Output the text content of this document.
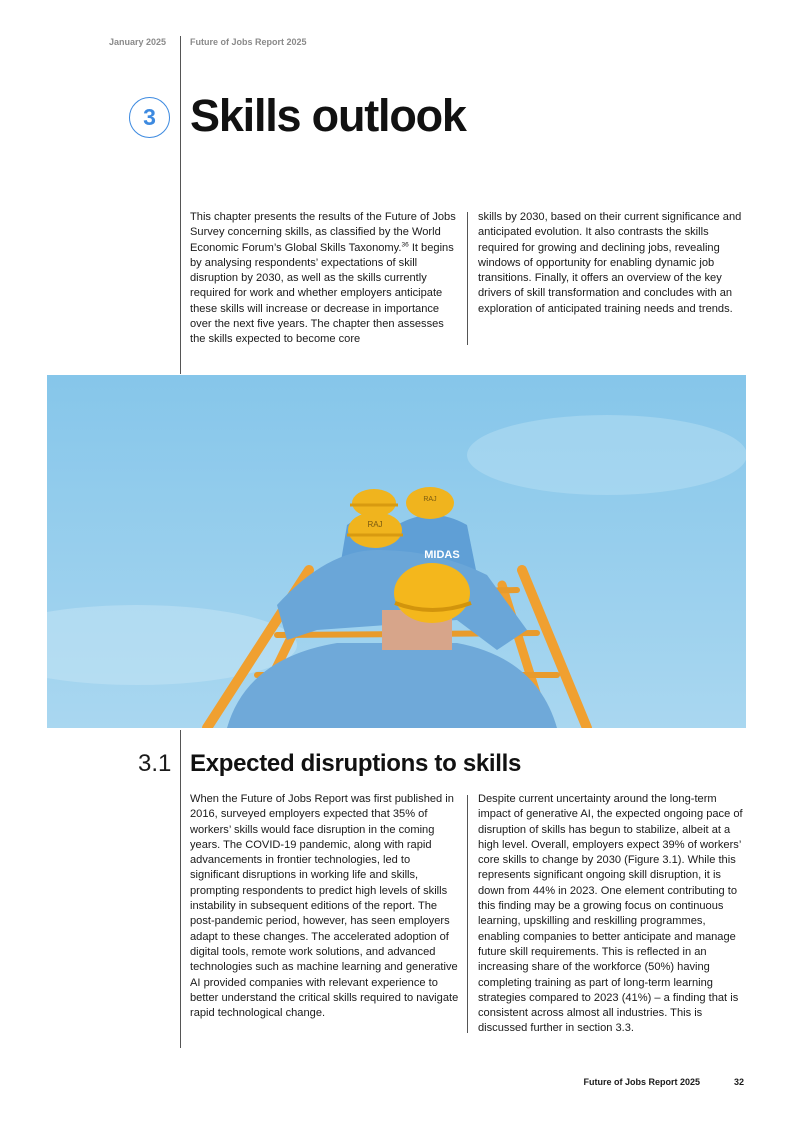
January 2025	Future of Jobs Report 2025
3 Skills outlook

This chapter presents the results of the Future of Jobs Survey concerning skills, as classified by the World Economic Forum’s Global Skills Taxonomy.$^{36}$ It begins by analysing respondents’ expectations of skill disruption by 2030, as well as the skills currently required for work and whether employers anticipate these skills will increase or decrease in importance over the next five years. The chapter then assesses the skills expected to become core

skills by 2030, based on their current significance and anticipated evolution. It also contrasts the skills required for growing and declining jobs, revealing windows of opportunity for enabling dynamic job transitions. Finally, it offers an overview of the key drivers of skill transformation and concludes with an exploration of anticipated training needs and trends.

RAJ
RAJ
MIDAS
3.1 Expected disruptions to skills

When the Future of Jobs Report was first published in 2016, surveyed employers expected that 35% of workers’ skills would face disruption in the coming years. The COVID-19 pandemic, along with rapid advancements in frontier technologies, led to significant disruptions in working life and skills, prompting respondents to predict high levels of skills instability in subsequent editions of the report. The post-pandemic period, however, has seen employers adapt to these changes. The accelerated adoption of digital tools, remote work solutions, and advanced technologies such as machine learning and generative AI provided companies with relevant experience to better understand the critical skills required to navigate rapid technological change.

Despite current uncertainty around the long-term impact of generative AI, the expected ongoing pace of disruption of skills has begun to stabilize, albeit at a high level. Overall, employers expect 39% of workers’ core skills to change by 2030 (Figure 3.1). While this represents significant ongoing skill disruption, it is down from 44% in 2023. One element contributing to this finding may be a growing focus on continuous learning, upskilling and reskilling programmes, enabling companies to better anticipate and manage future skill requirements. This is reflected in an increasing share of the workforce (50%) having completing training as part of long-term learning strategies compared to 2023 (41%) – a finding that is consistent across almost all industries. This is discussed further in section 3.3.

Future of Jobs Report 2025	32
